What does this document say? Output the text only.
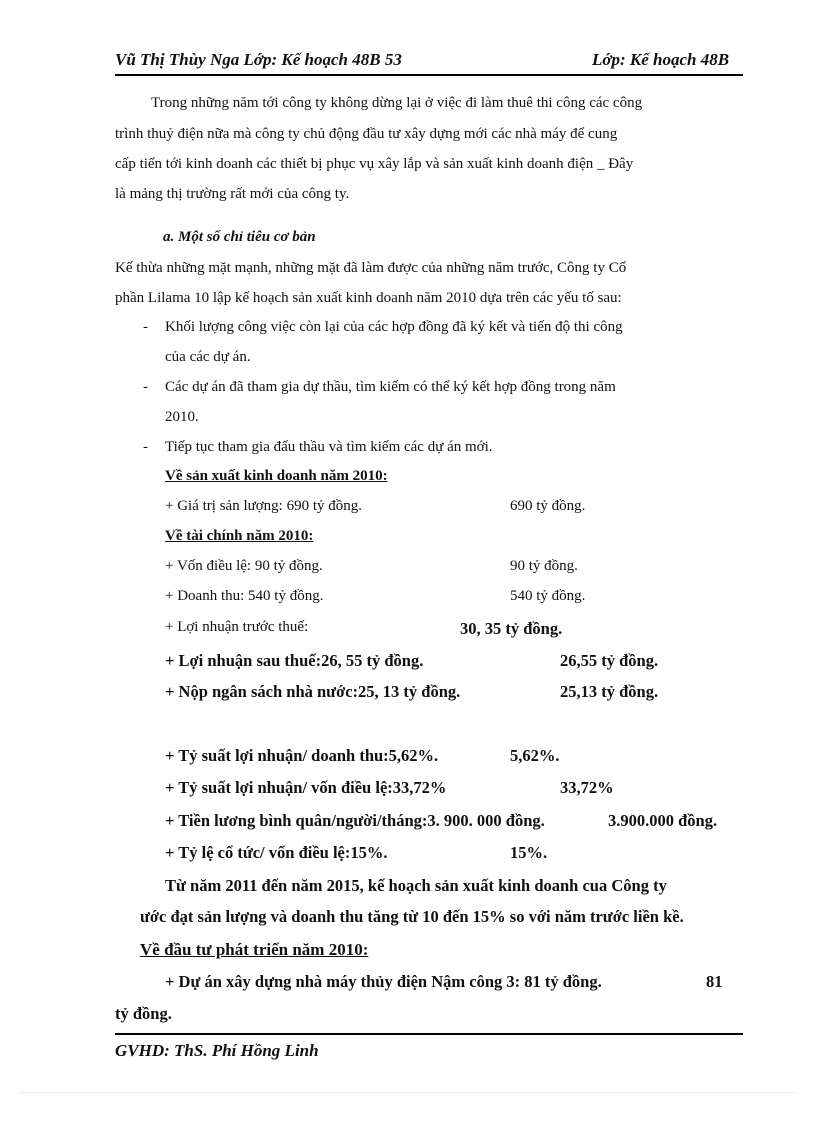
Vũ Thị Thùy Nga Lớp: Kế hoạch 48B 53	Lớp: Kế hoạch 48B
Trong những năm tới công ty không dừng lại ở việc đi làm thuê thi công các công
trình thuỷ điện nữa mà công ty chủ động đầu tư xây dựng mới các nhà máy để cung
cấp tiến tới kinh doanh các thiết bị phục vụ xây lắp và sản xuất kinh doanh điện _ Đây
là mảng thị trường rất mới của công ty.
a. Một số chỉ tiêu cơ bản
Kế thừa những mặt mạnh, những mặt đã làm được của những năm trước, Công ty Cổ
phần Lilama 10 lập kế hoạch sản xuất kinh doanh năm 2010 dựa trên các yếu tố sau:
- Khối lượng công việc còn lại của các hợp đồng đã ký kết và tiến độ thi công
của các dự án.
- Các dự án đã tham gia dự thầu, tìm kiếm có thể ký kết hợp đồng trong năm
2010.
- Tiếp tục tham gia đấu thầu và tìm kiếm các dự án mới.
Về sản xuất kinh doanh năm 2010:
+ Giá trị sản lượng: 690 tỷ đồng.	690 tỷ đồng.
Về tài chính năm 2010:
+ Vốn điều lệ: 90 tỷ đồng.	90 tỷ đồng.
+ Doanh thu: 540 tỷ đồng.	540 tỷ đồng.
+ Lợi nhuận trước thuế:	30, 35 tỷ đồng.
+ Lợi nhuận sau thuế:26, 55 tỷ đồng.	26,55 tỷ đồng.
+ Nộp ngân sách nhà nước:25, 13 tỷ đồng.	25,13 tỷ đồng.
+ Tỷ suất lợi nhuận/ doanh thu:5,62%.	5,62%.
+ Tỷ suất lợi nhuận/ vốn điều lệ:33,72%	33,72%
+ Tiền lương bình quân/người/tháng:3. 900. 000 đồng.	3.900.000 đồng.
+ Tỷ lệ cổ tức/ vốn điều lệ:15%.	15%.
Từ năm 2011 đến năm 2015, kế hoạch sản xuất kinh doanh cua Công ty
ước đạt sản lượng và doanh thu tăng từ 10 đến 15% so với năm trước liền kề.
Về đầu tư phát triển năm 2010:
+ Dự án xây dựng nhà máy thủy điện Nậm công 3: 81 tỷ đồng.	81
tỷ đồng.
GVHD: ThS. Phí Hồng Linh
